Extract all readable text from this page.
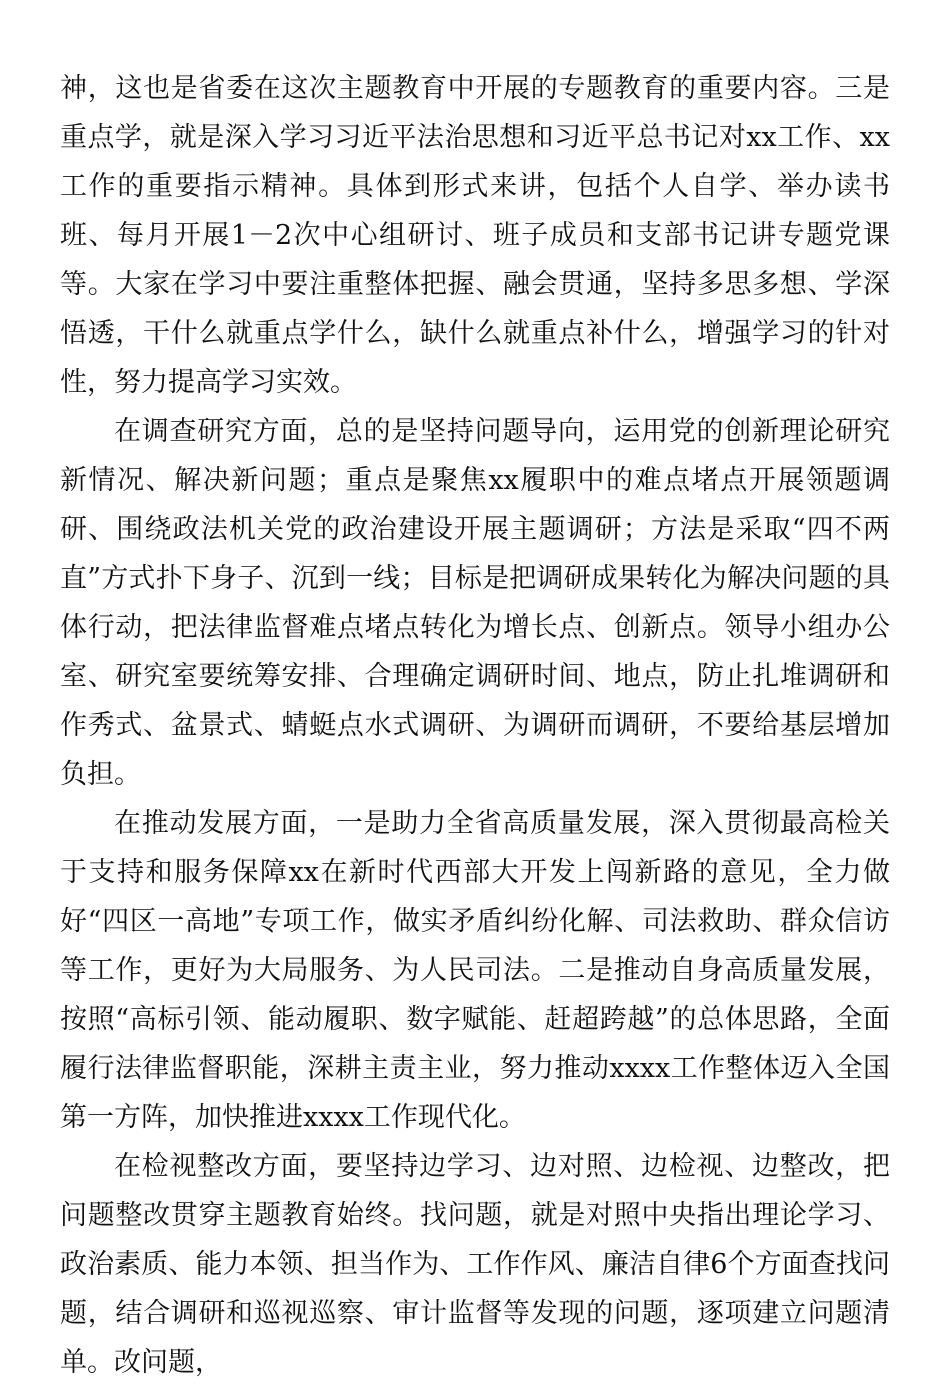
神，这也是省委在这次主题教育中开展的专题教育的重要内容。三是重点学，就是深入学习习近平法治思想和习近平总书记对xx工作、xx工作的重要指示精神。具体到形式来讲，包括个人自学、举办读书班、每月开展1－2次中心组研讨、班子成员和支部书记讲专题党课等。大家在学习中要注重整体把握、融会贯通，坚持多思多想、学深悟透，干什么就重点学什么，缺什么就重点补什么，增强学习的针对性，努力提高学习实效。

在调查研究方面，总的是坚持问题导向，运用党的创新理论研究新情况、解决新问题；重点是聚焦xx履职中的难点堵点开展领题调研、围绕政法机关党的政治建设开展主题调研；方法是采取“四不两直”方式扑下身子、沉到一线；目标是把调研成果转化为解决问题的具体行动，把法律监督难点堵点转化为增长点、创新点。领导小组办公室、研究室要统筹安排、合理确定调研时间、地点，防止扎堆调研和作秀式、盆景式、蜻蜓点水式调研、为调研而调研，不要给基层增加负担。

在推动发展方面，一是助力全省高质量发展，深入贯彻最高检关于支持和服务保障xx在新时代西部大开发上闯新路的意见，全力做好“四区一高地”专项工作，做实矛盾纠纷化解、司法救助、群众信访等工作，更好为大局服务、为人民司法。二是推动自身高质量发展，按照“高标引领、能动履职、数字赋能、赶超跨越”的总体思路，全面履行法律监督职能，深耕主责主业，努力推动xxxx工作整体迈入全国第一方阵，加快推进xxxx工作现代化。

在检视整改方面，要坚持边学习、边对照、边检视、边整改，把问题整改贯穿主题教育始终。找问题，就是对照中央指出理论学习、政治素质、能力本领、担当作为、工作作风、廉洁自律6个方面查找问题，结合调研和巡视巡察、审计监督等发现的问题，逐项建立问题清单。改问题，
